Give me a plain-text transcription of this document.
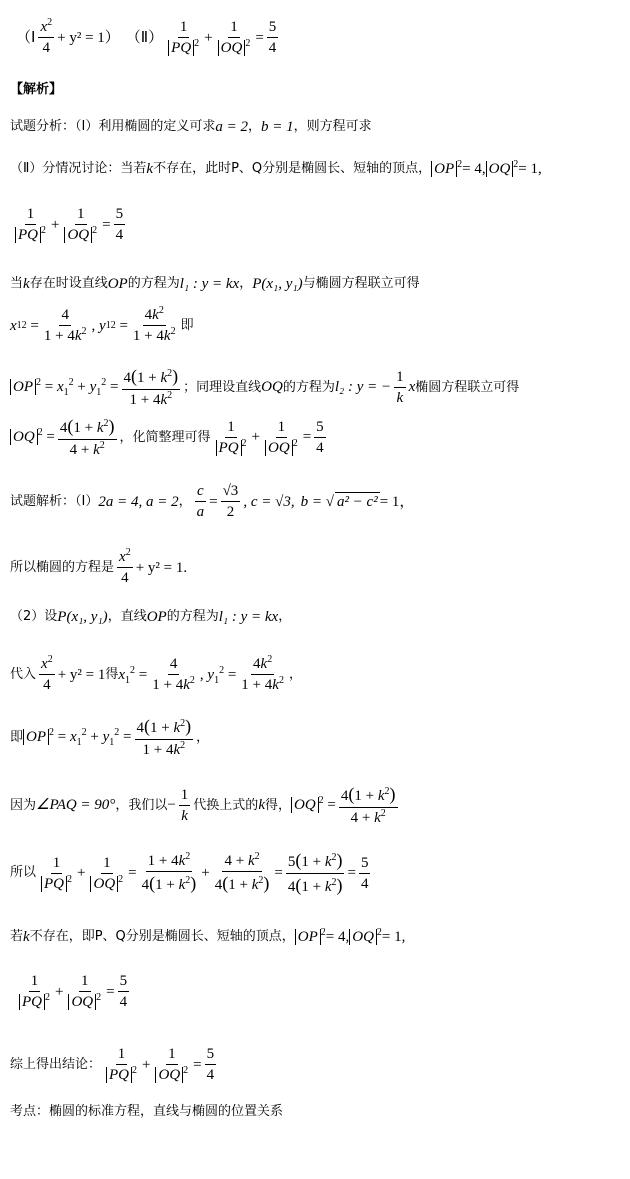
（Ⅰ $\frac{x^2}{4} + y^2 = 1$） （Ⅱ） $\frac{1}{PQ ^2} + \frac{1}{OQ ^2} = \frac{5}{4}$
【解析】
试题分析：（Ⅰ）利用椭圆的定义可求 a = 2 ， b = 1 ，则方程可求
（Ⅱ）分情况讨论：当若 k 不存在，此时P、Q分别是椭圆长、短轴的顶点， OP $^2$ = 4, OQ $^2$ = 1,
$\frac{1}{PQ ^2} + \frac{1}{OQ ^2} = \frac{5}{4}$
当 k 存在时设直线 OP 的方程为 l₁ : y = kx ， P(x₁, y₁) 与椭圆方程联立可得
x 1 $2 = \frac{4}{1 + 4k^2}$ , y 1 $2 = \frac{4k^2}{1 + 4k^2}$ 即
OP $^2 = x_1^2 + y_1^2 = \frac{4(1 + k^2)}{1 + 4k^2}$ ；同理设直线 OQ 的方程为 l₂ : y = − $\frac{1}{k}$ x 椭圆方程联立可得
OQ $^2 = \frac{4(1 + k^2)}{4 + k^2}$ ，化简整理可得 $\frac{1}{PQ ^2} + \frac{1}{OQ ^2} = \frac{5}{4}$
试题解析：（Ⅰ） 2a = 4, a = 2 ， $\frac{c}{a} = \frac{√3}{2}$ , c = √3, b = √ a² − c² = 1，
所以椭圆的方程是 $\frac{x^2}{4} + y^2 = 1$.
（2）设 P(x₁, y₁) ，直线 OP 的方程为 l₁ : y = kx ，
代入 $\frac{x^2}{4} + y^2 = 1$ 得 $x_1^2 = \frac{4}{1 + 4k^2}$ , $y_1^2 = \frac{4k^2}{1 + 4k^2}$ ，
即 OP $^2 = x_1^2 + y_1^2 = \frac{4(1 + k^2)}{1 + 4k^2}$ ，
因为 ∠PAQ = 90° ，我们以 − $\frac{1}{k}$ 代换上式的 k 得， OQ $^2 = \frac{4(1 + k^2)}{4 + k^2}$
所以 $\frac{1}{PQ ^2} + \frac{1}{OQ ^2} = \frac{1 + 4k^2}{4(1 + k^2)} + \frac{4 + k^2}{4(1 + k^2)} = \frac{5(1 + k^2)}{4(1 + k^2)} = \frac{5}{4}$
若 k 不存在，即P、Q分别是椭圆长、短轴的顶点， OP $^2$ = 4, OQ $^2$ = 1,
$\frac{1}{PQ ^2} + \frac{1}{OQ ^2} = \frac{5}{4}$
综上得出结论： $\frac{1}{PQ ^2} + \frac{1}{OQ ^2} = \frac{5}{4}$
考点：椭圆的标准方程，直线与椭圆的位置关系
